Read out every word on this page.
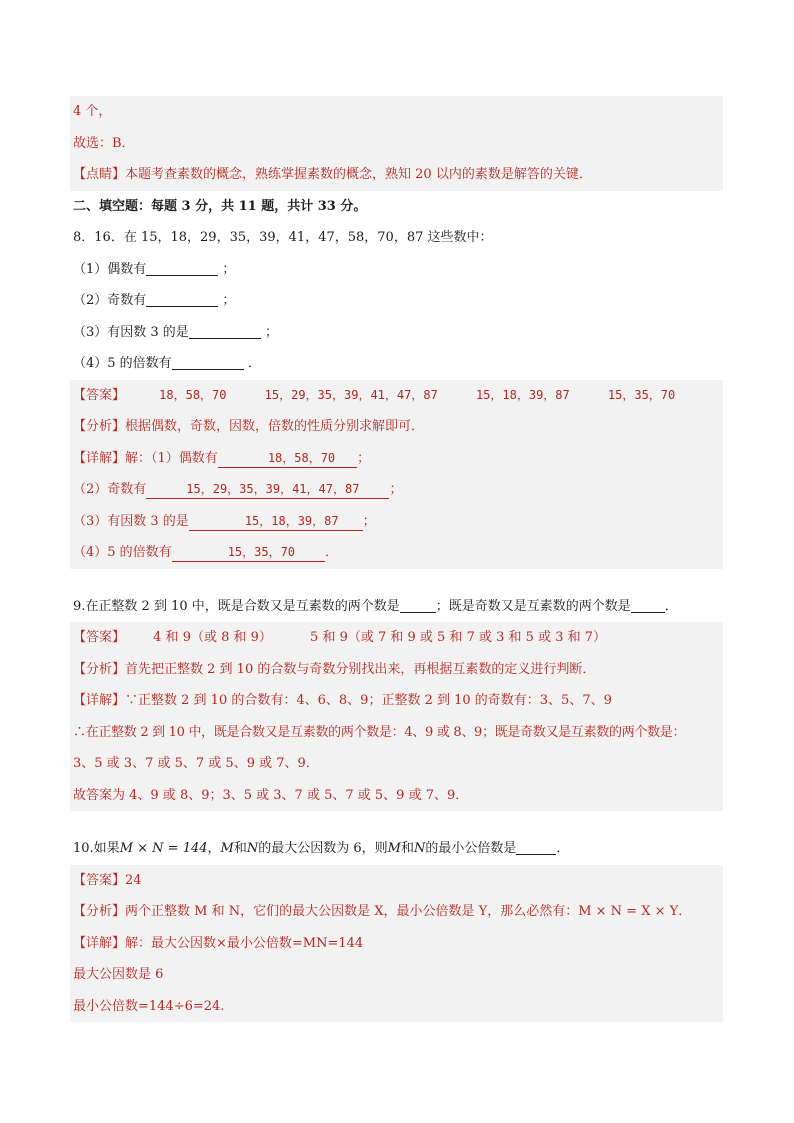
4 个，
故选：B．
【点睛】本题考查素数的概念，熟练掌握素数的概念，熟知 20 以内的素数是解答的关键．
二、填空题：每题 3 分，共 11 题，共计 33 分。
8．16．在 15，18，29，35，39，41，47，58，70，87 这些数中：
（1）偶数有	；
（2）奇数有	；
（3）有因数 3 的是	；
（4）5 的倍数有	．
【答案】	18，58，70	15，29，35，39，41，47，87	15，18，39，87	15，35，70
【分析】根据偶数，奇数，因数，倍数的性质分别求解即可．
【详解】解：（1）偶数有	18，58，70 ；
（2）奇数有	15，29，35，39，41，47，87 ；
（3）有因数 3 的是	15，18，39，87 ；
（4）5 的倍数有	15，35，70 ．
9.在正整数 2 到 10 中，既是合数又是互素数的两个数是	；既是奇数又是互素数的两个数是	．
【答案】 4 和 9（或 8 和 9）	5 和 9（或 7 和 9 或 5 和 7 或 3 和 5 或 3 和 7）
【分析】首先把正整数 2 到 10 的合数与奇数分别找出来，再根据互素数的定义进行判断．
【详解】∵正整数 2 到 10 的合数有：4、6、8、9；正整数 2 到 10 的奇数有：3、5、7、9
∴在正整数 2 到 10 中，既是合数又是互素数的两个数是：4、9 或 8、9；既是奇数又是互素数的两个数是：
3、5 或 3、7 或 5、7 或 5、9 或 7、9．
故答案为 4、9 或 8、9；3、5 或 3、7 或 5、7 或 5、9 或 7、9．
10.如果M × N = 144，M和N的最大公因数为 6，则M和N的最小公倍数是	．
【答案】24
【分析】两个正整数 M 和 N，它们的最大公因数是 X，最小公倍数是 Y，那么必然有：M × N = X × Y．
【详解】解：最大公因数×最小公倍数=MN=144
最大公因数是 6
最小公倍数=144÷6=24.
